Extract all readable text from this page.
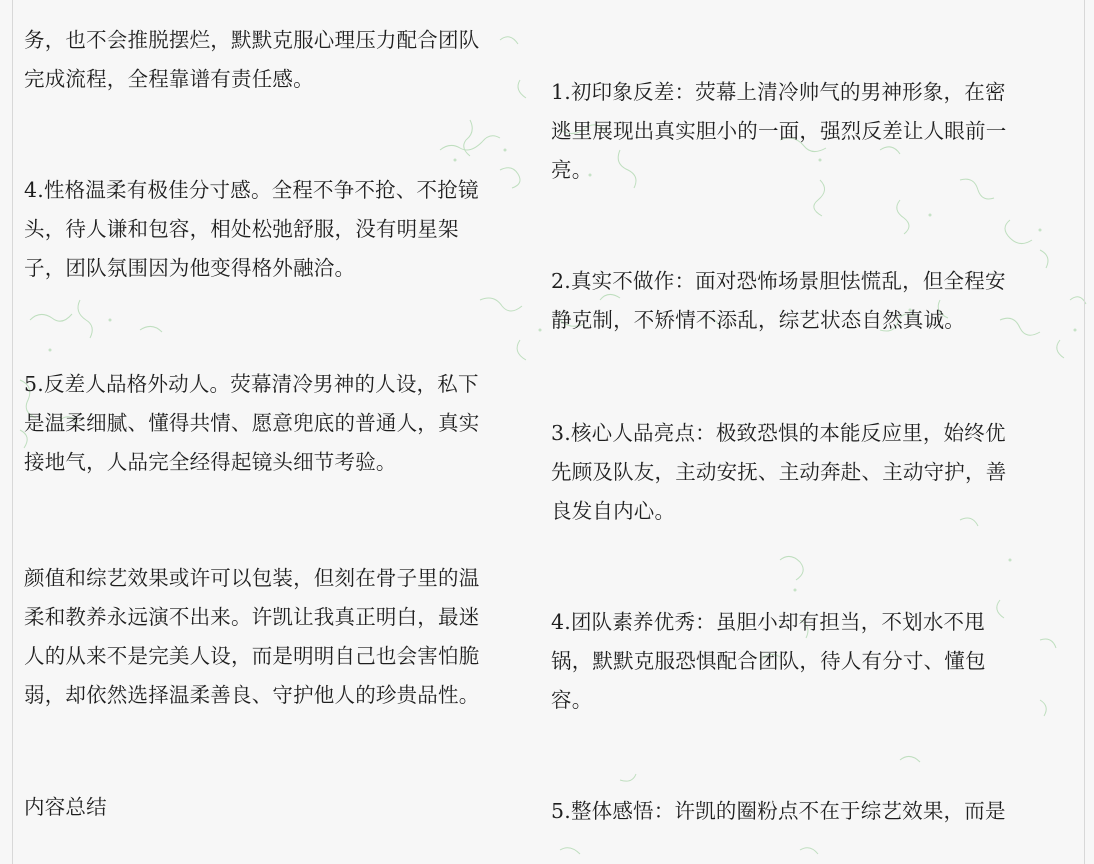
务，也不会推脱摆烂，默默克服心理压力配合团队
完成流程，全程靠谱有责任感。

4.性格温柔有极佳分寸感。全程不争不抢、不抢镜
头，待人谦和包容，相处松弛舒服，没有明星架
子，团队氛围因为他变得格外融洽。

5.反差人品格外动人。荧幕清冷男神的人设，私下
是温柔细腻、懂得共情、愿意兜底的普通人，真实
接地气，人品完全经得起镜头细节考验。

颜值和综艺效果或许可以包装，但刻在骨子里的温
柔和教养永远演不出来。许凯让我真正明白，最迷
人的从来不是完美人设，而是明明自己也会害怕脆
弱，却依然选择温柔善良、守护他人的珍贵品性。

内容总结

1.初印象反差：荧幕上清冷帅气的男神形象，在密
逃里展现出真实胆小的一面，强烈反差让人眼前一
亮。

2.真实不做作：面对恐怖场景胆怯慌乱，但全程安
静克制，不矫情不添乱，综艺状态自然真诚。

3.核心人品亮点：极致恐惧的本能反应里，始终优
先顾及队友，主动安抚、主动奔赴、主动守护，善
良发自内心。

4.团队素养优秀：虽胆小却有担当，不划水不甩
锅，默默克服恐惧配合团队，待人有分寸、懂包
容。

5.整体感悟：许凯的圈粉点不在于综艺效果，而是
